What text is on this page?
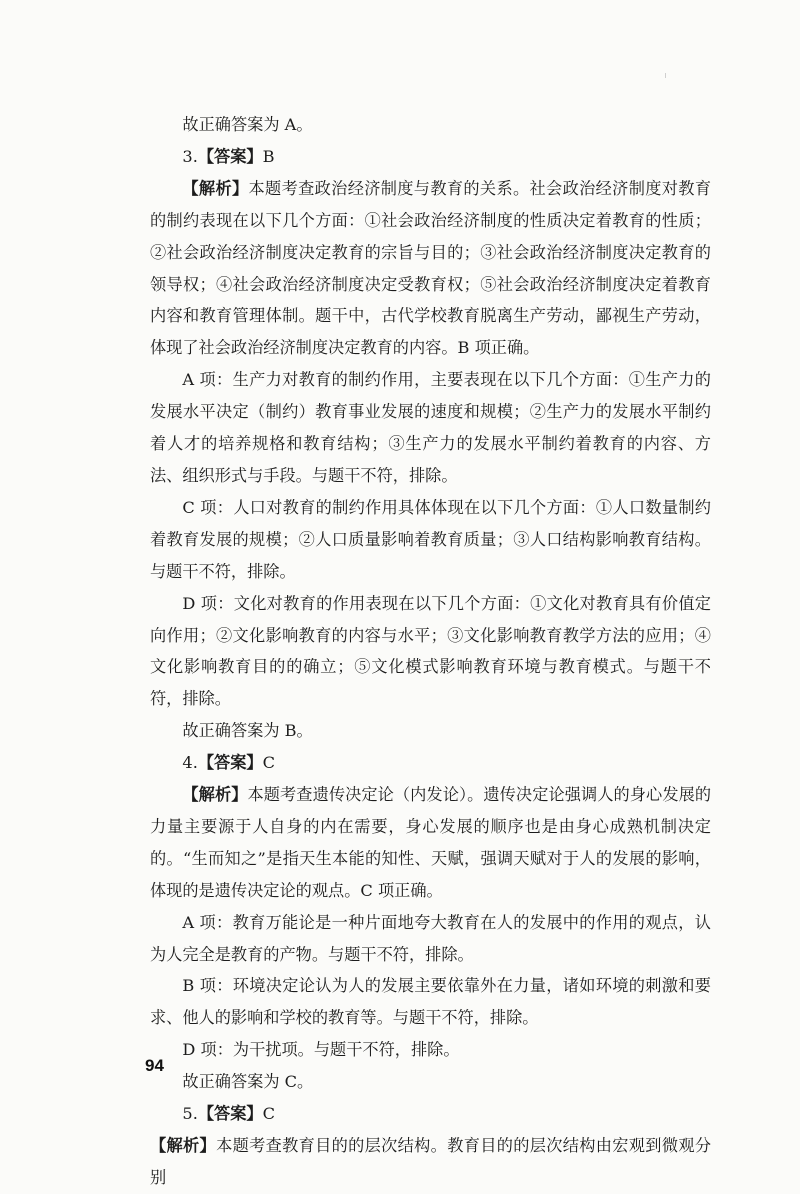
故正确答案为 A。

3.【答案】B

【解析】本题考查政治经济制度与教育的关系。社会政治经济制度对教育的制约表现在以下几个方面：①社会政治经济制度的性质决定着教育的性质；②社会政治经济制度决定教育的宗旨与目的；③社会政治经济制度决定教育的领导权；④社会政治经济制度决定受教育权；⑤社会政治经济制度决定着教育内容和教育管理体制。题干中，古代学校教育脱离生产劳动，鄙视生产劳动，体现了社会政治经济制度决定教育的内容。B 项正确。

A 项：生产力对教育的制约作用，主要表现在以下几个方面：①生产力的发展水平决定（制约）教育事业发展的速度和规模；②生产力的发展水平制约着人才的培养规格和教育结构；③生产力的发展水平制约着教育的内容、方法、组织形式与手段。与题干不符，排除。

C 项：人口对教育的制约作用具体体现在以下几个方面：①人口数量制约着教育发展的规模；②人口质量影响着教育质量；③人口结构影响教育结构。与题干不符，排除。

D 项：文化对教育的作用表现在以下几个方面：①文化对教育具有价值定向作用；②文化影响教育的内容与水平；③文化影响教育教学方法的应用；④文化影响教育目的的确立；⑤文化模式影响教育环境与教育模式。与题干不符，排除。

故正确答案为 B。

4.【答案】C

【解析】本题考查遗传决定论（内发论）。遗传决定论强调人的身心发展的力量主要源于人自身的内在需要，身心发展的顺序也是由身心成熟机制决定的。“生而知之”是指天生本能的知性、天赋，强调天赋对于人的发展的影响，体现的是遗传决定论的观点。C 项正确。

A 项：教育万能论是一种片面地夸大教育在人的发展中的作用的观点，认为人完全是教育的产物。与题干不符，排除。

B 项：环境决定论认为人的发展主要依靠外在力量，诸如环境的刺激和要求、他人的影响和学校的教育等。与题干不符，排除。

D 项：为干扰项。与题干不符，排除。

故正确答案为 C。

5.【答案】C

【解析】本题考查教育目的的层次结构。教育目的的层次结构由宏观到微观分别

94
